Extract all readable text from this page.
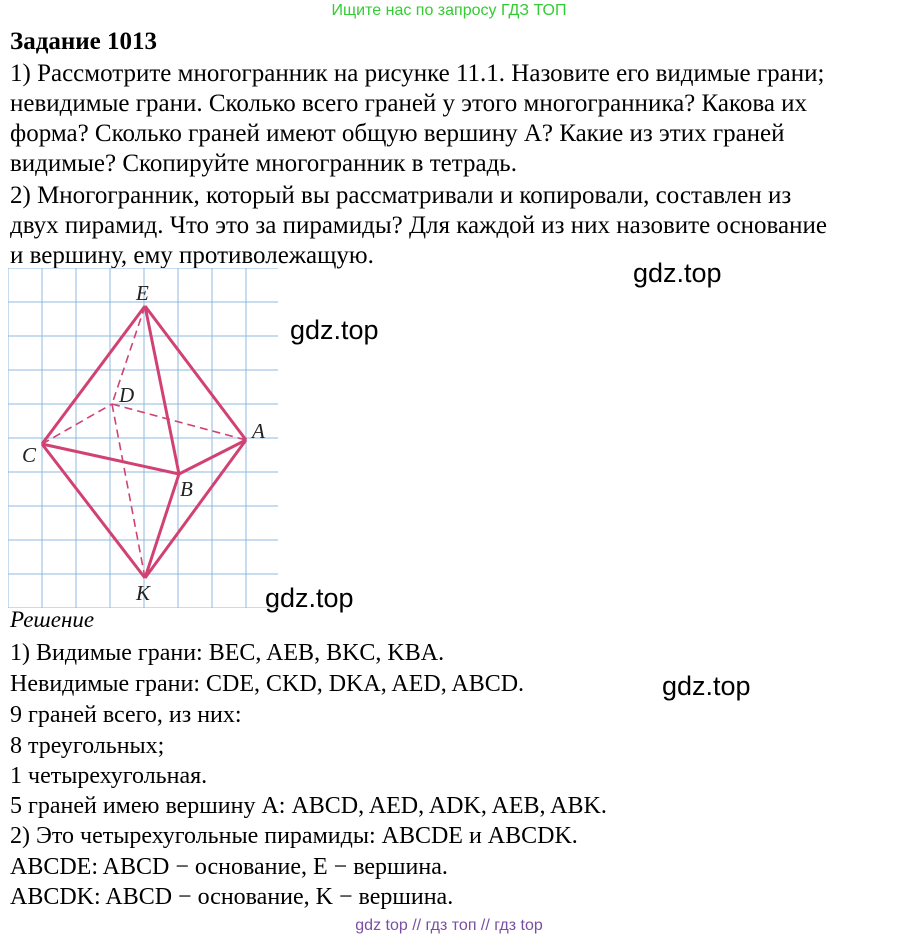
Ищите нас по запросу ГДЗ ТОП
Задание 1013
1) Рассмотрите многогранник на рисунке 11.1. Назовите его видимые грани;
невидимые грани. Сколько всего граней у этого многогранника? Какова их
форма? Сколько граней имеют общую вершину А? Какие из этих граней
видимые? Скопируйте многогранник в тетрадь.
2) Многогранник, который вы рассматривали и копировали, составлен из
двух пирамид. Что это за пирамиды? Для каждой из них назовите основание
и вершину, ему противолежащую.
gdz.top
gdz.top
gdz.top
gdz.top
E
D
A
C
B
K
Решение
1) Видимые грани: BEC, AEB, BKC, KBA.
Невидимые грани: CDE, CKD, DKA, AED, ABCD.
9 граней всего, из них:
8 треугольных;
1 четырехугольная.
5 граней имею вершину А: ABCD, AED, ADK, AEB, ABK.
2) Это четырехугольные пирамиды: ABCDE и ABCDK.
ABCDE: ABCD − основание, E − вершина.
ABCDK: ABCD − основание, K − вершина.
gdz top // гдз топ // гдз top
